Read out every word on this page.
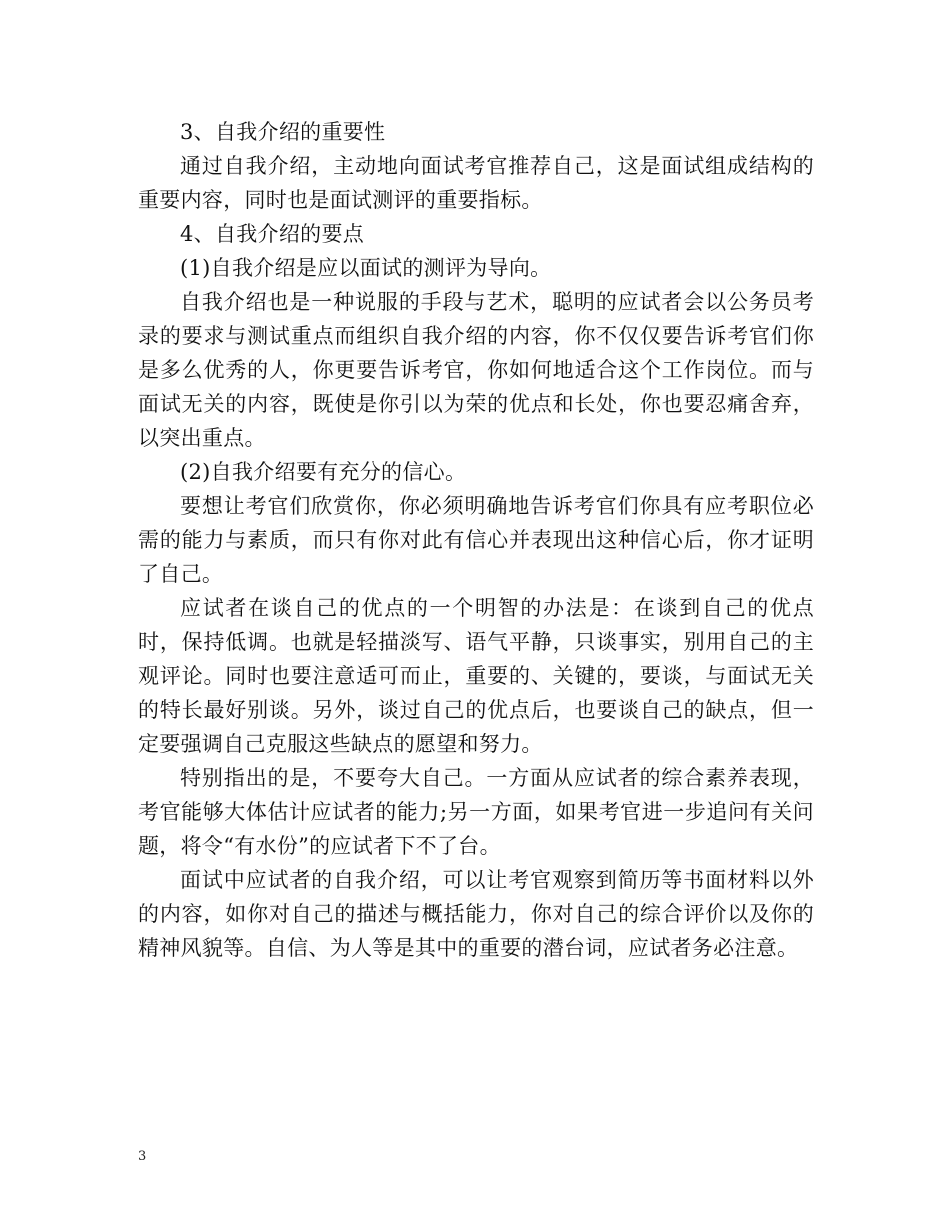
3、自我介绍的重要性

通过自我介绍，主动地向面试考官推荐自己，这是面试组成结构的重要内容，同时也是面试测评的重要指标。

4、自我介绍的要点

(1)自我介绍是应以面试的测评为导向。

自我介绍也是一种说服的手段与艺术，聪明的应试者会以公务员考录的要求与测试重点而组织自我介绍的内容，你不仅仅要告诉考官们你是多么优秀的人，你更要告诉考官，你如何地适合这个工作岗位。而与面试无关的内容，既使是你引以为荣的优点和长处，你也要忍痛舍弃，以突出重点。

(2)自我介绍要有充分的信心。

要想让考官们欣赏你，你必须明确地告诉考官们你具有应考职位必需的能力与素质，而只有你对此有信心并表现出这种信心后，你才证明了自己。

应试者在谈自己的优点的一个明智的办法是：在谈到自己的优点时，保持低调。也就是轻描淡写、语气平静，只谈事实，别用自己的主观评论。同时也要注意适可而止，重要的、关键的，要谈，与面试无关的特长最好别谈。另外，谈过自己的优点后，也要谈自己的缺点，但一定要强调自己克服这些缺点的愿望和努力。

特别指出的是，不要夸大自己。一方面从应试者的综合素养表现，考官能够大体估计应试者的能力;另一方面，如果考官进一步追问有关问题，将令“有水份”的应试者下不了台。

面试中应试者的自我介绍，可以让考官观察到简历等书面材料以外的内容，如你对自己的描述与概括能力，你对自己的综合评价以及你的精神风貌等。自信、为人等是其中的重要的潜台词，应试者务必注意。

3
